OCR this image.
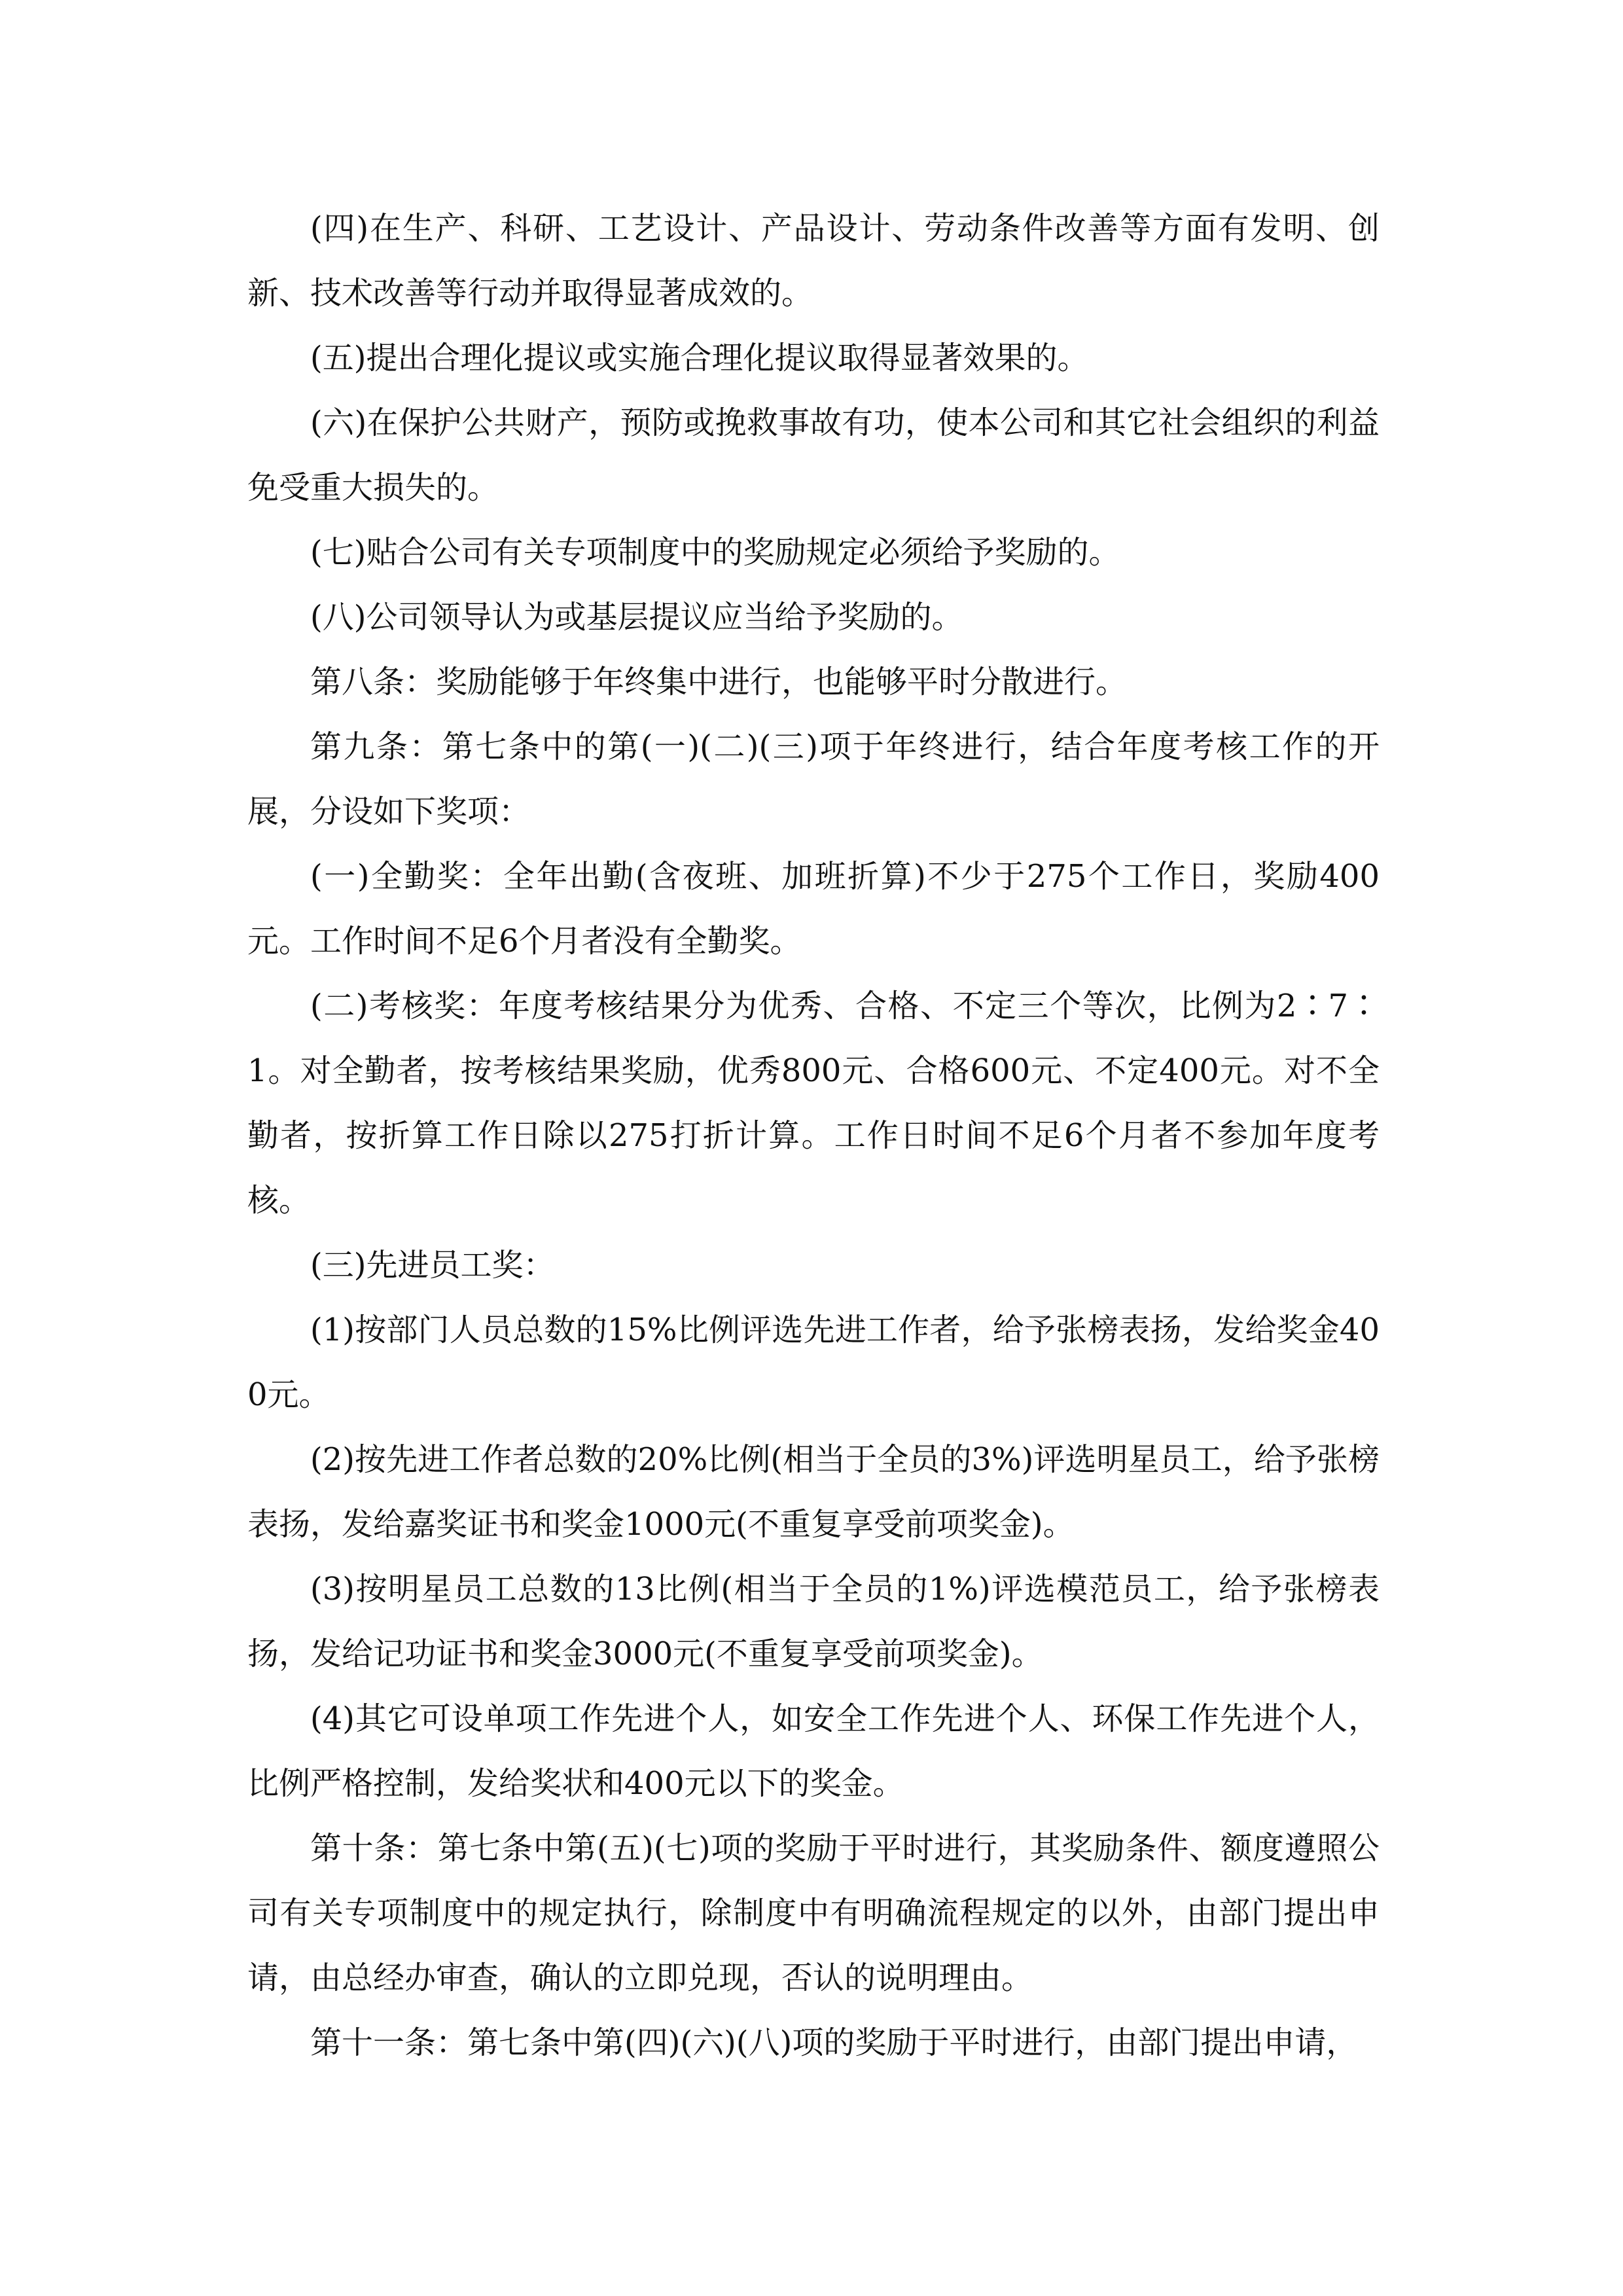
(四)在生产、科研、工艺设计、产品设计、劳动条件改善等方面有发明、创新、技术改善等行动并取得显著成效的。

(五)提出合理化提议或实施合理化提议取得显著效果的。

(六)在保护公共财产，预防或挽救事故有功，使本公司和其它社会组织的利益免受重大损失的。

(七)贴合公司有关专项制度中的奖励规定必须给予奖励的。

(八)公司领导认为或基层提议应当给予奖励的。

第八条：奖励能够于年终集中进行，也能够平时分散进行。

第九条：第七条中的第(一)(二)(三)项于年终进行，结合年度考核工作的开展，分设如下奖项：

(一)全勤奖：全年出勤(含夜班、加班折算)不少于275个工作日，奖励400元。工作时间不足6个月者没有全勤奖。

(二)考核奖：年度考核结果分为优秀、合格、不定三个等次，比例为2∶7∶1。对全勤者，按考核结果奖励，优秀800元、合格600元、不定400元。对不全勤者，按折算工作日除以275打折计算。工作日时间不足6个月者不参加年度考核。

(三)先进员工奖：

(1)按部门人员总数的15%比例评选先进工作者，给予张榜表扬，发给奖金400元。

(2)按先进工作者总数的20%比例(相当于全员的3%)评选明星员工，给予张榜表扬，发给嘉奖证书和奖金1000元(不重复享受前项奖金)。

(3)按明星员工总数的13比例(相当于全员的1%)评选模范员工，给予张榜表扬，发给记功证书和奖金3000元(不重复享受前项奖金)。

(4)其它可设单项工作先进个人，如安全工作先进个人、环保工作先进个人，比例严格控制，发给奖状和400元以下的奖金。

第十条：第七条中第(五)(七)项的奖励于平时进行，其奖励条件、额度遵照公司有关专项制度中的规定执行，除制度中有明确流程规定的以外，由部门提出申请，由总经办审查，确认的立即兑现，否认的说明理由。

第十一条：第七条中第(四)(六)(八)项的奖励于平时进行，由部门提出申请，
